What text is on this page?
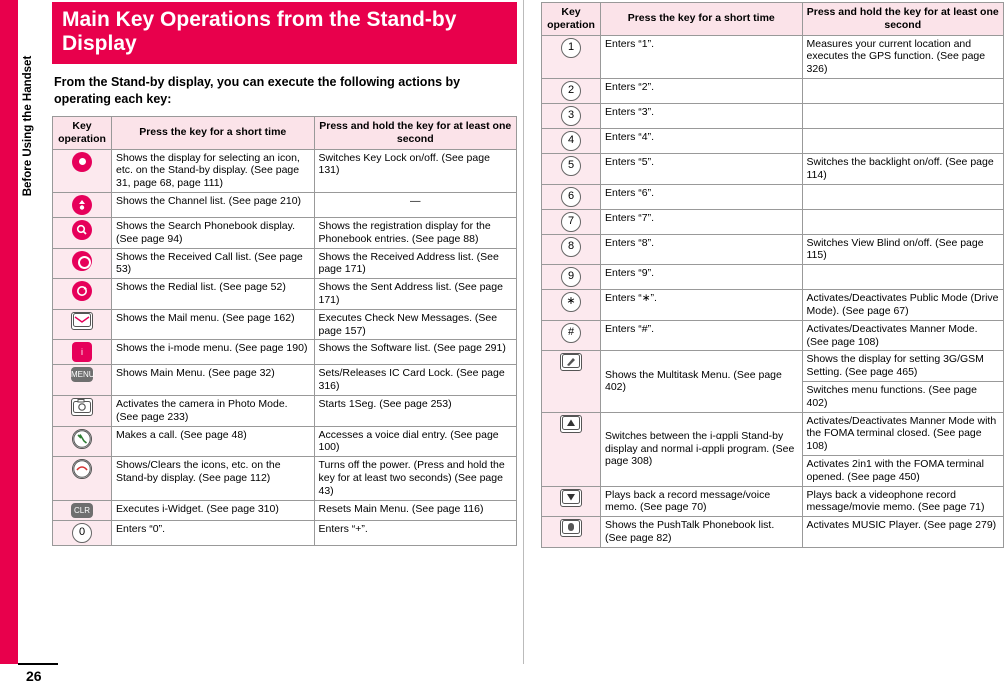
Before Using the Handset
26
Main Key Operations from the Stand-by Display
From the Stand-by display, you can execute the following actions by operating each key:
Key operation	Press the key for a short time	Press and hold the key for at least one second
	Shows the display for selecting an icon, etc. on the Stand-by display. (See page 31, page 68, page 111)	Switches Key Lock on/off. (See page 131)

	Shows the Channel list. (See page 210)	—

	Shows the Search Phonebook display. (See page 94)	Shows the registration display for the Phonebook entries. (See page 88)
	Shows the Received Call list. (See page 53)	Shows the Received Address list. (See page 171)

	Shows the Redial list. (See page 52)	Shows the Sent Address list. (See page 171)

	Shows the Mail menu. (See page 162)	Executes Check New Messages. (See page 157)
i	Shows the i-mode menu. (See page 190)	Shows the Software list. (See page 291)
MENU	Shows Main Menu. (See page 32)	Sets/Releases IC Card Lock. (See page 316)

	Activates the camera in Photo Mode. (See page 233)	Starts 1Seg. (See page 253)

	Makes a call. (See page 48)	Accesses a voice dial entry. (See page 100)

	Shows/Clears the icons, etc. on the Stand-by display. (See page 112)	Turns off the power. (Press and hold the key for at least two seconds) (See page 43)
CLR	Executes i-Widget. (See page 310)	Resets Main Menu. (See page 116)
0	Enters “0”.	Enters “+”.
Key operation	Press the key for a short time	Press and hold the key for at least one second
1	Enters “1”.	Measures your current location and executes the GPS function. (See page 326)
2	Enters “2”.	
3	Enters “3”.	
4	Enters “4”.	
5	Enters “5”.	Switches the backlight on/off. (See page 114)
6	Enters “6”.	
7	Enters “7”.	
8	Enters “8”.	Switches View Blind on/off. (See page 115)
9	Enters “9”.	
∗	Enters “∗”.	Activates/Deactivates Public Mode (Drive Mode). (See page 67)
#	Enters “#”.	Activates/Deactivates Manner Mode. (See page 108)

	Shows the Multitask Menu. (See page 402)	Shows the display for setting 3G/GSM Setting. (See page 465)
		Switches menu functions. (See page 402)

	Switches between the i-αppli Stand-by display and normal i-αppli program. (See page 308)	Activates/Deactivates Manner Mode with the FOMA terminal closed. (See page 108)
		Activates 2in1 with the FOMA terminal opened. (See page 450)

	Plays back a record message/voice memo. (See page 70)	Plays back a videophone record message/movie memo. (See page 71)

	Shows the PushTalk Phonebook list. (See page 82)	Activates MUSIC Player. (See page 279)
